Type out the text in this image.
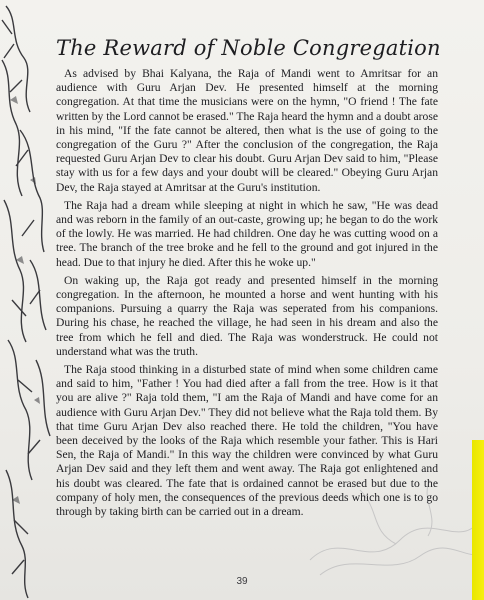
The Reward of Noble Congregation

As advised by Bhai Kalyana, the Raja of Mandi went to Amritsar for an audience with Guru Arjan Dev. He presented himself at the morning congregation. At that time the musicians were on the hymn, "O friend ! The fate written by the Lord cannot be erased." The Raja heard the hymn and a doubt arose in his mind, "If the fate cannot be altered, then what is the use of going to the congregation of the Guru ?" After the conclusion of the congregation, the Raja requested Guru Arjan Dev to clear his doubt. Guru Arjan Dev said to him, "Please stay with us for a few days and your doubt will be cleared." Obeying Guru Arjan Dev, the Raja stayed at Amritsar at the Guru's institution.

The Raja had a dream while sleeping at night in which he saw, "He was dead and was reborn in the family of an out-caste, growing up; he began to do the work of the lowly. He was married. He had children. One day he was cutting wood on a tree. The branch of the tree broke and he fell to the ground and got injured in the head. Due to that injury he died. After this he woke up."

On waking up, the Raja got ready and presented himself in the morning congregation. In the afternoon, he mounted a horse and went hunting with his companions. Pursuing a quarry the Raja was seperated from his companions. During his chase, he reached the village, he had seen in his dream and also the tree from which he fell and died. The Raja was wonderstruck. He could not understand what was the truth.

The Raja stood thinking in a disturbed state of mind when some children came and said to him, "Father ! You had died after a fall from the tree. How is it that you are alive ?" Raja told them, "I am the Raja of Mandi and have come for an audience with Guru Arjan Dev." They did not believe what the Raja told them. By that time Guru Arjan Dev also reached there. He told the children, "You have been deceived by the looks of the Raja which resemble your father. This is Hari Sen, the Raja of Mandi." In this way the children were convinced by what Guru Arjan Dev said and they left them and went away. The Raja got enlightened and his doubt was cleared. The fate that is ordained cannot be erased but due to the company of holy men, the consequences of the previous deeds which one is to go through by taking birth can be carried out in a dream.

39
